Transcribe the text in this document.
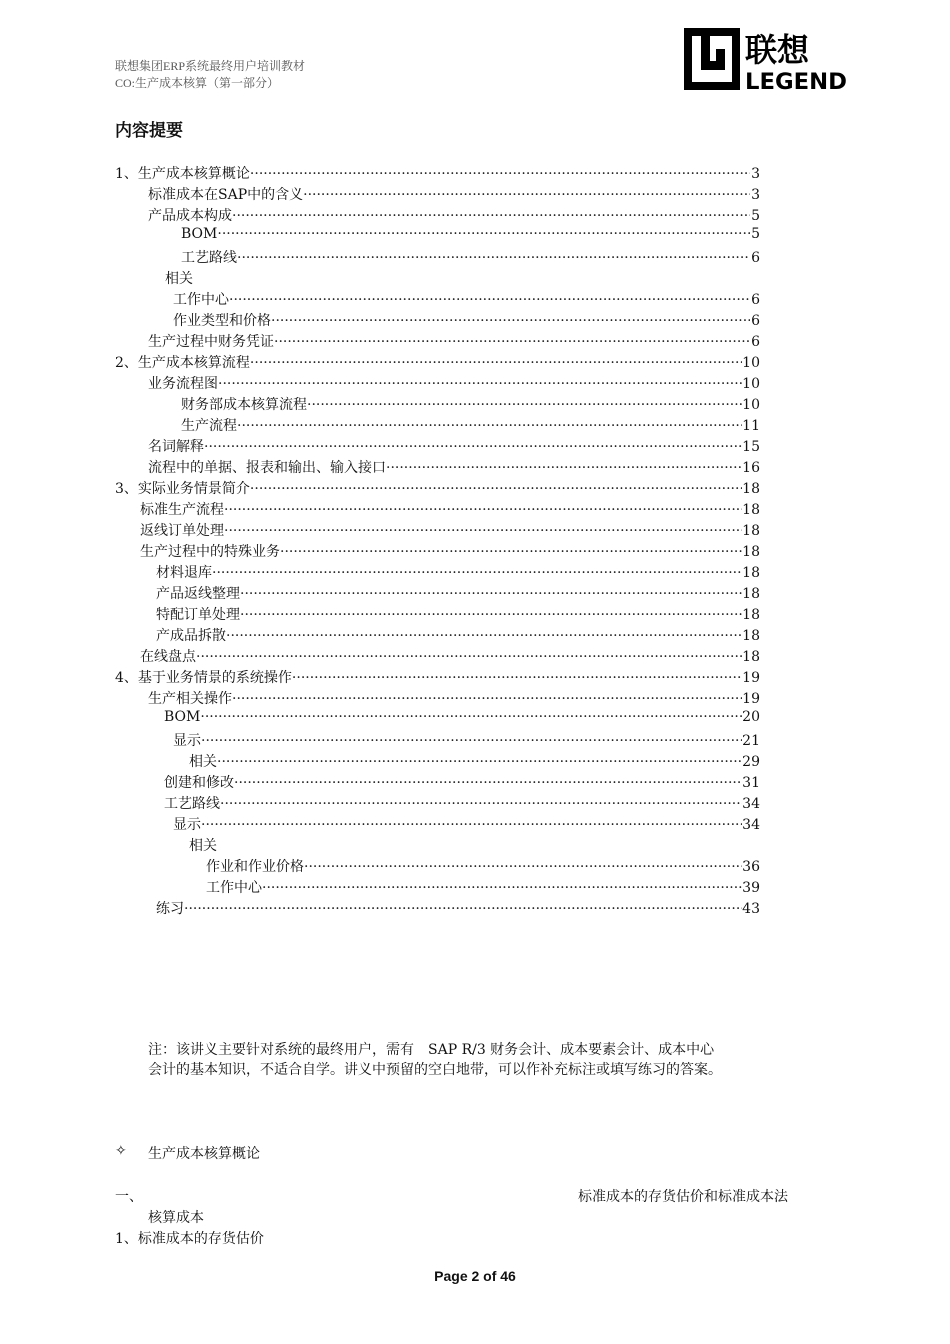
联想集团ERP系统最终用户培训教材
CO:生产成本核算（第一部分）
联想
LEGEND
内容提要
1、生产成本核算概论 ·····	3
标准成本在SAP中的含义 ·····	3
产品成本构成 ·····	5
BOM ·····	5
工艺路线 ·····	6
相关
工作中心 ·····	6
作业类型和价格 ·····	6
生产过程中财务凭证 ·····	6
2、生产成本核算流程 ·····	10
业务流程图 ·····	10
财务部成本核算流程 ·····	10
生产流程 ·····	11
名词解释 ·····	15
流程中的单据、报表和输出、输入接口 ·····	16
3、实际业务情景简介 ·····	18
标准生产流程 ·····	18
返线订单处理 ·····	18
生产过程中的特殊业务 ·····	18
材料退库 ·····	18
产品返线整理 ·····	18
特配订单处理 ·····	18
产成品拆散 ·····	18
在线盘点 ·····	18
4、基于业务情景的系统操作 ·····	19
生产相关操作 ·····	19
BOM ·····	20
显示 ·····	21
相关 ·····	29
创建和修改 ·····	31
工艺路线 ·····	34
显示 ·····	34
相关
作业和作业价格 ·····	36
工作中心 ·····	39
练习 ·····	43
注：该讲义主要针对系统的最终用户，需有　SAP R/3 财务会计、成本要素会计、成本中心
会计的基本知识，不适合自学。讲义中预留的空白地带，可以作补充标注或填写练习的答案。
✧ 生产成本核算概论
一、	标准成本的存货估价和标准成本法
核算成本
1、标准成本的存货估价
Page 2 of 46
